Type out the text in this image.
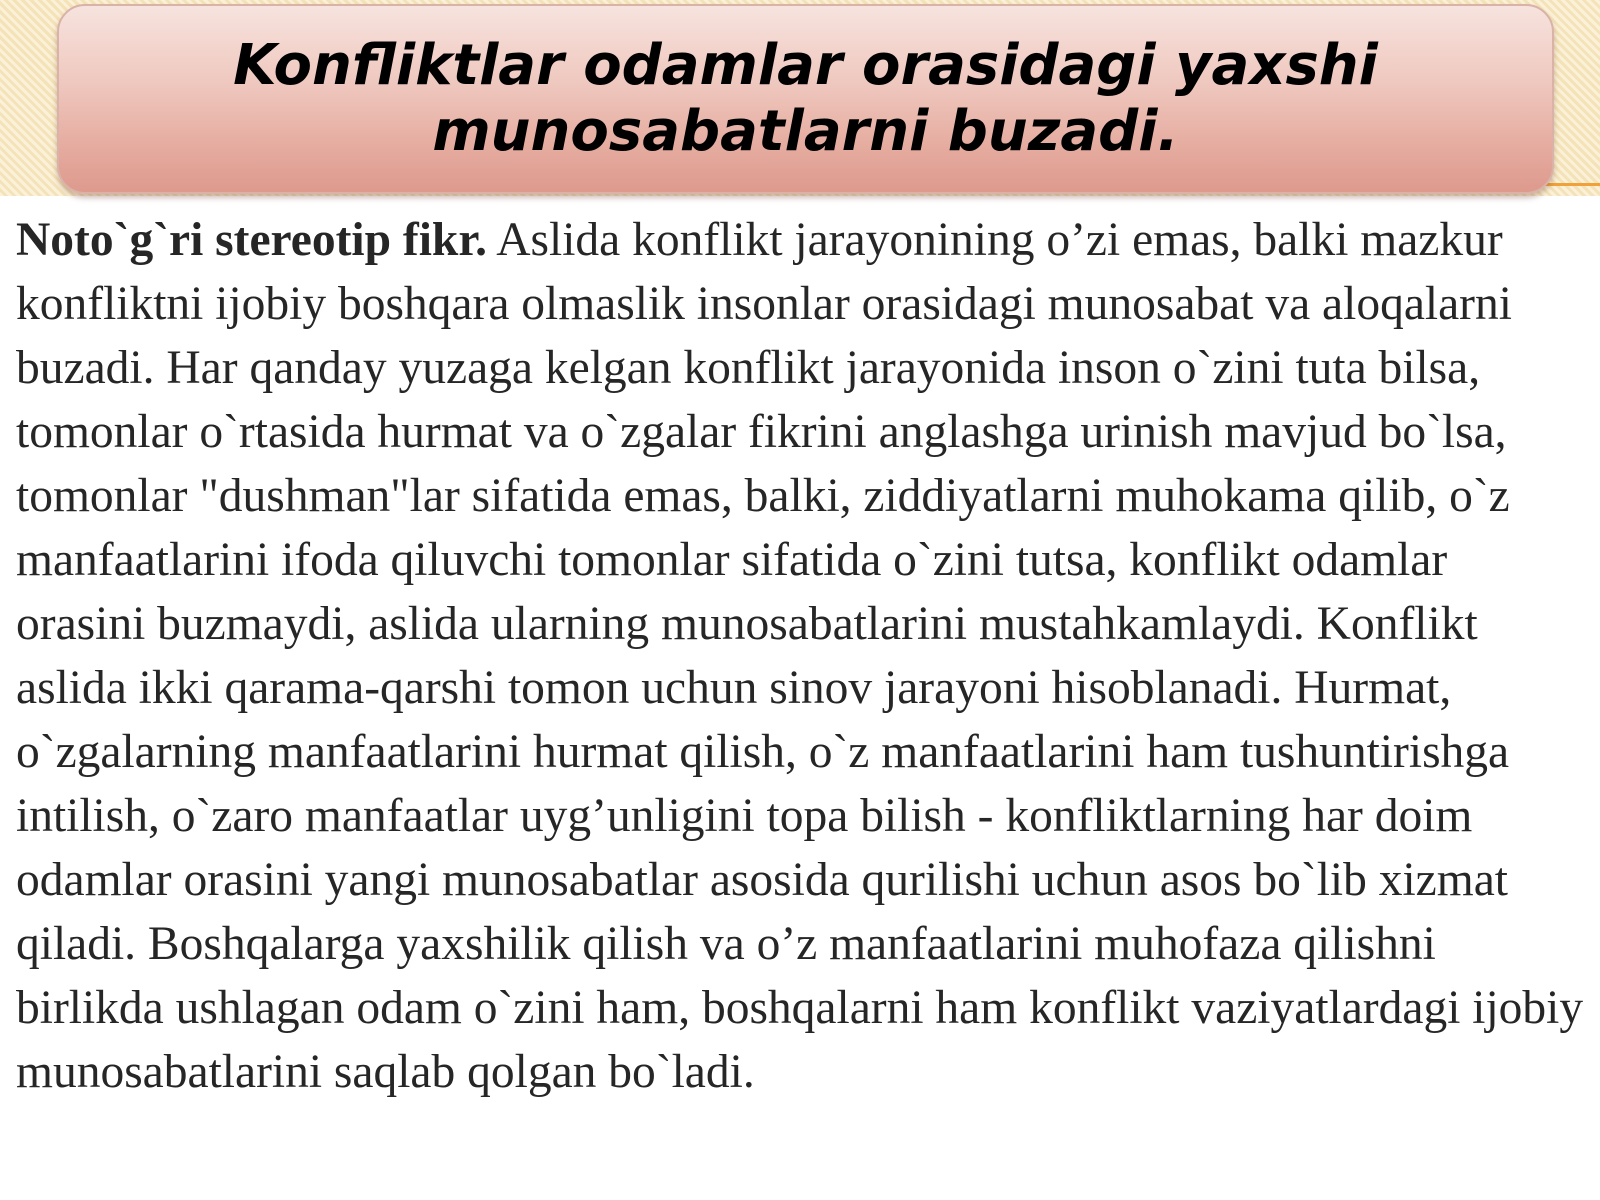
Konfliktlar odamlar orasidagi yaxshi munosabatlarni buzadi.

Noto`g`ri stereotip fikr. Aslida konflikt jarayonining o’zi emas, balki mazkur konfliktni ijobiy boshqara olmaslik insonlar orasidagi munosabat va aloqalarni buzadi. Har qanday yuzaga kelgan konflikt jarayonida inson o`zini tuta bilsa, tomonlar o`rtasida hurmat va o`zgalar fikrini anglashga urinish mavjud bo`lsa, tomonlar "dushman"lar sifatida emas, balki, ziddiyatlarni muhokama qilib, o`z manfaatlarini ifoda qiluvchi tomonlar sifatida o`zini tutsa, konflikt odamlar orasini buzmaydi, aslida ularning munosabatlarini mustahkamlaydi. Konflikt aslida ikki qarama-qarshi tomon uchun sinov jarayoni hisoblanadi. Hurmat, o`zgalarning manfaatlarini hurmat qilish, o`z manfaatlarini ham tushuntirishga intilish, o`zaro manfaatlar uyg’unligini topa bilish - konfliktlarning har doim odamlar orasini yangi munosabatlar asosida qurilishi uchun asos bo`lib xizmat qiladi. Boshqalarga yaxshilik qilish va o’z manfaatlarini muhofaza qilishni birlikda ushlagan odam o`zini ham, boshqalarni ham konflikt vaziyatlardagi ijobiy munosabatlarini saqlab qolgan bo`ladi.
